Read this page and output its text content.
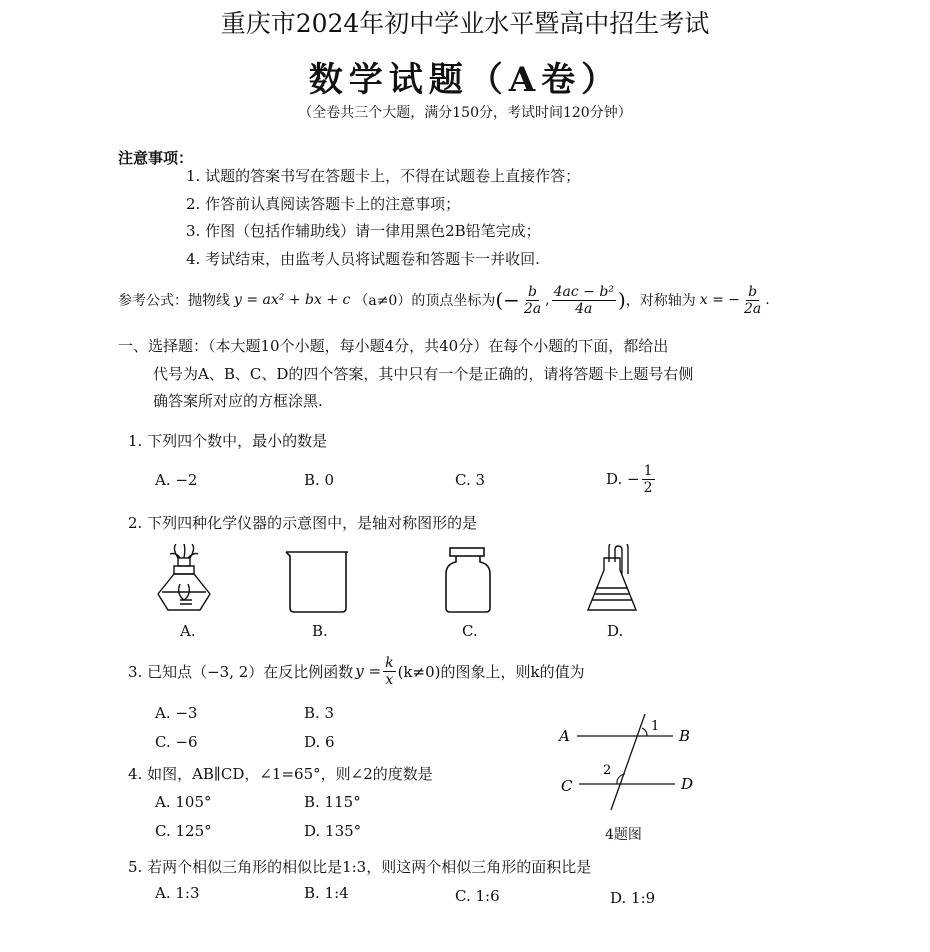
重庆市2024年初中学业水平暨高中招生考试
数学试题（A卷）
（全卷共三个大题，满分150分，考试时间120分钟）
注意事项：
1. 试题的答案书写在答题卡上，不得在试题卷上直接作答；
2. 作答前认真阅读答题卡上的注意事项；
3. 作图（包括作辅助线）请一律用黑色2B铅笔完成；
4. 考试结束，由监考人员将试题卷和答题卡一并收回.
参考公式：抛物线 y = ax² + bx + c （a≠0） 的顶点坐标为 (− $\frac{b}{2a}$ , $\frac{\text{4ac − b²}}{4a}$ ) ，对称轴为 x = − $\frac{b}{2a}$ .
一、选择题：（本大题10个小题，每小题4分，共40分）在每个小题的下面，都给出
代号为A、B、C、D的四个答案，其中只有一个是正确的，请将答题卡上题号右侧
确答案所对应的方框涂黑.
1. 下列四个数中，最小的数是
A. −2	B. 0	C. 3	D. − $\frac{1}{2}$
2. 下列四种化学仪器的示意图中，是轴对称图形的是
A.	B.	C.	D.
3. 已知点（−3, 2）在反比例函数 $y = \frac{k}{x} (k\ne 0)$的图象上，则k的值为
A. −3	B. 3
C. −6	D. 6
4. 如图，AB∥CD，∠1=65°，则∠2的度数是
A. 105°	B. 115°
C. 125°	D. 135°
A	B
C	D
1
2
4题图
5. 若两个相似三角形的相似比是1:3，则这两个相似三角形的面积比是
A. 1:3	B. 1:4	C. 1:6	D. 1:9
